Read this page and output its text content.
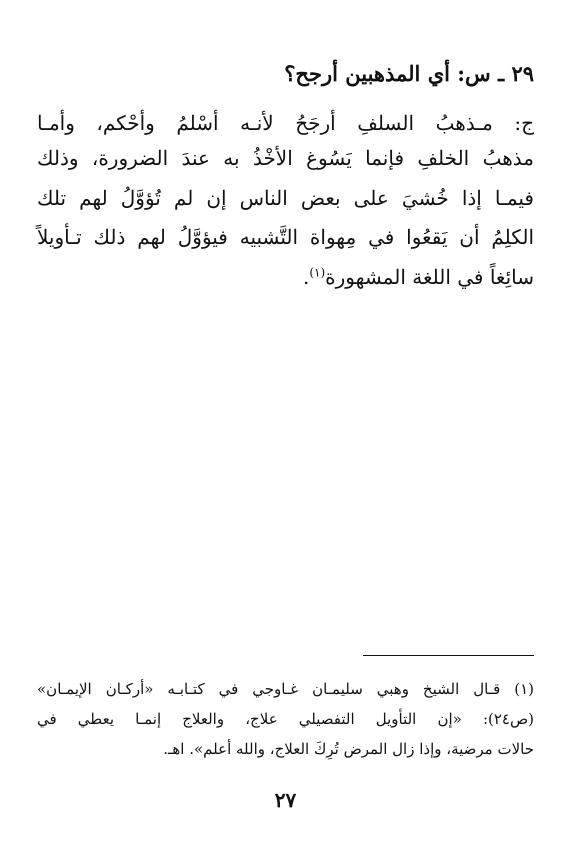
٢٩ ـ س: أي المذهبين أرجح؟
ج: مـذهبُ السلفِ أرجَحُ لأنـه أسْلمُ وأحْكم، وأمـا
مذهبُ الخلفِ فإنما يَسُوغ الأخْذُ به عندَ الضرورة، وذلك
فيمـا إذا خُشيَ على بعض الناس إن لم تُؤوَّلُ لهم تلك
الكلِمُ أن يَقعُوا في مِهواة التَّشبيه فيؤوَّلُ لهم ذلك تـأويلاً
سائِغاً في اللغة المشهورة$^{(١)}$.
(١) قـال الشيخ وهبي سليمـان غـاوجي في كتـابـه «أركـان الإيمـان»
(ص٢٤): «إن التأويل التفصيلي علاج، والعلاج إنمـا يعطي في
حالات مرضية، وإذا زال المرض تُرِكَ العلاج، والله أعلم». اهـ.
٢٧
